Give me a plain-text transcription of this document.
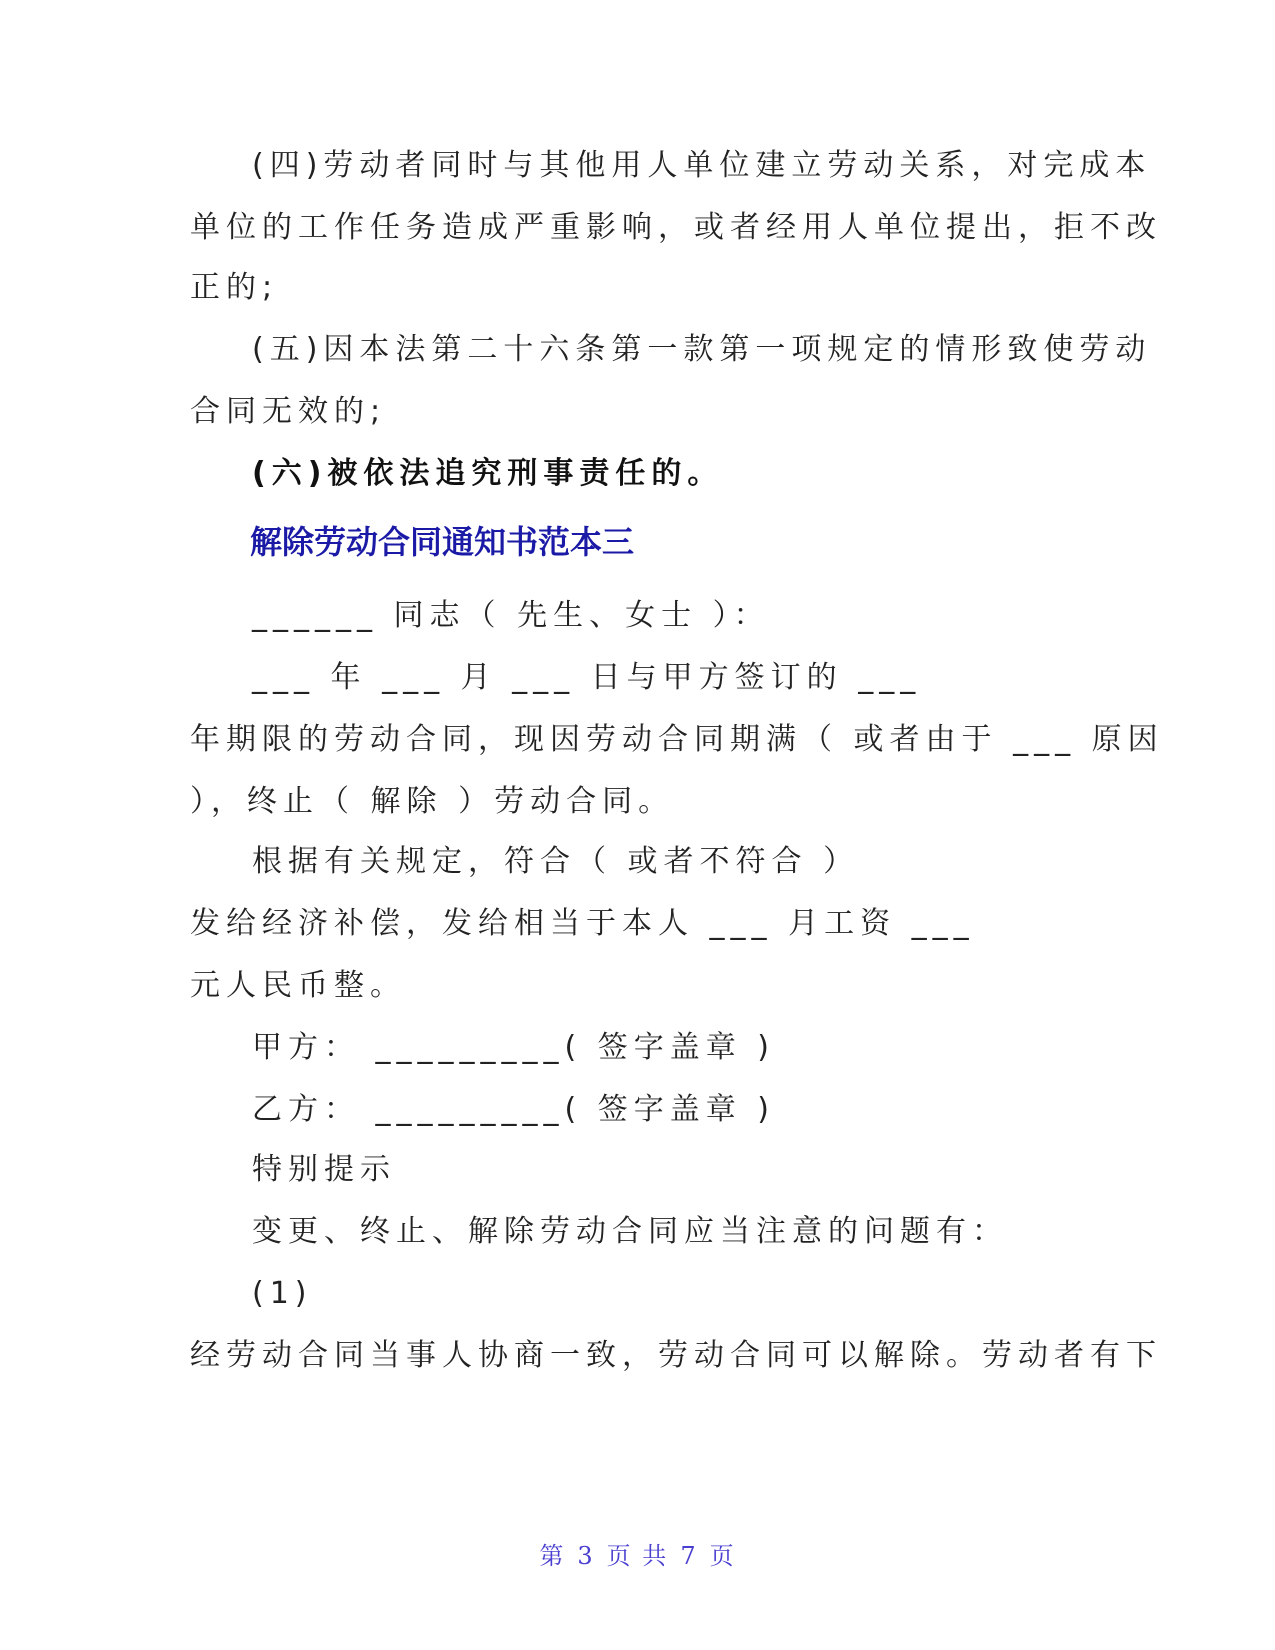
(四)劳动者同时与其他用人单位建立劳动关系，对完成本
单位的工作任务造成严重影响，或者经用人单位提出，拒不改
正的;
(五)因本法第二十六条第一款第一项规定的情形致使劳动
合同无效的;
(六)被依法追究刑事责任的。
解除劳动合同通知书范本三
______ 同志（ 先生、女士 ）：
___ 年 ___ 月 ___ 日与甲方签订的 ___
年期限的劳动合同，现因劳动合同期满（ 或者由于 ___ 原因
），终止（ 解除 ）劳动合同。
根据有关规定，符合（ 或者不符合 ）
发给经济补偿，发给相当于本人 ___ 月工资 ___
元人民币整。
甲方： _________( 签字盖章 )
乙方： _________( 签字盖章 )
特别提示
变更、终止、解除劳动合同应当注意的问题有：
(1)
经劳动合同当事人协商一致，劳动合同可以解除。劳动者有下
第 3 页 共 7 页
